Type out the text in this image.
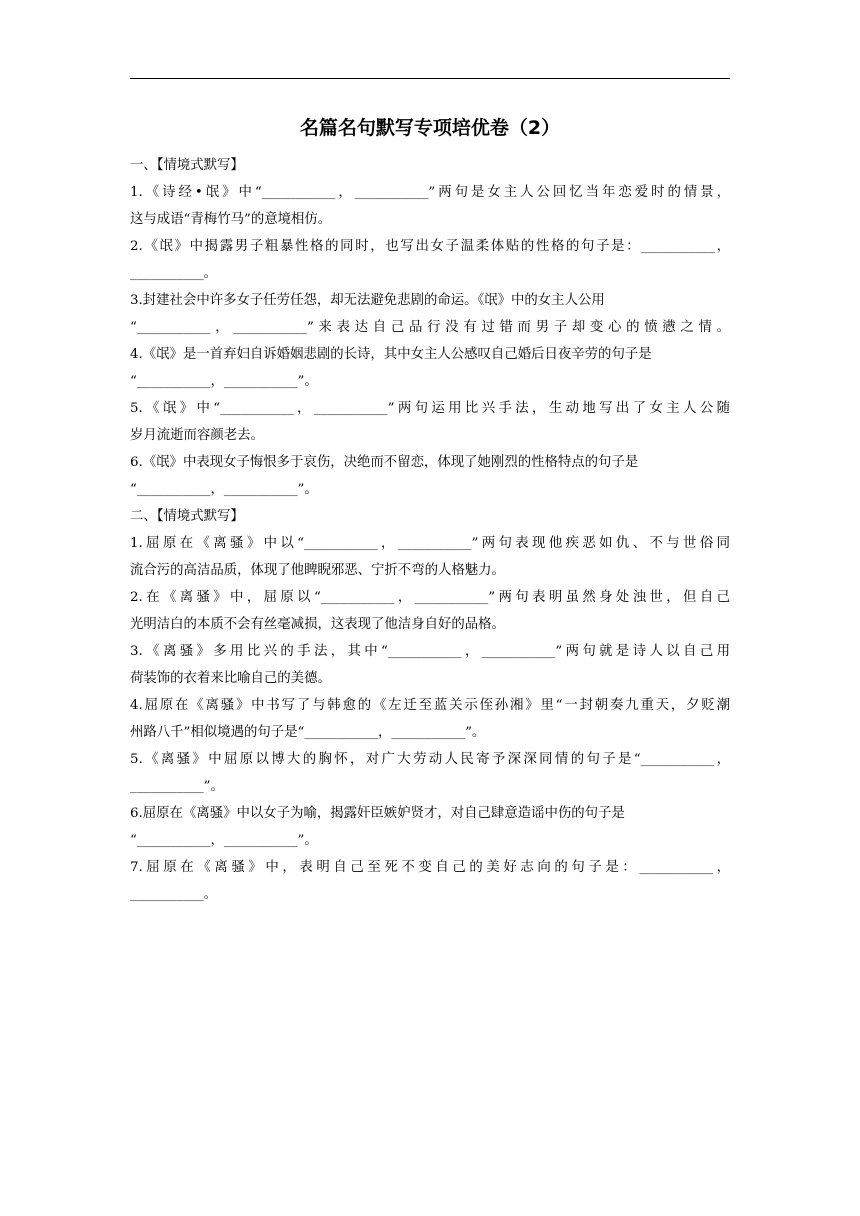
名篇名句默写专项培优卷（2）
一、【情境式默写】
1.《诗经•氓》中“___________，___________”两句是女主人公回忆当年恋爱时的情景，
这与成语“青梅竹马”的意境相仿。
2.《氓》中揭露男子粗暴性格的同时，也写出女子温柔体贴的性格的句子是：___________，
___________。
3.封建社会中许多女子任劳任怨，却无法避免悲剧的命运。《氓》中的女主人公用
“___________，___________”来表达自己品行没有过错而男子却变心的愤懑之情。
4.《氓》是一首弃妇自诉婚姻悲剧的长诗，其中女主人公感叹自己婚后日夜辛劳的句子是
“___________，___________”。
5.《氓》中“___________，___________”两句运用比兴手法，生动地写出了女主人公随
岁月流逝而容颜老去。
6.《氓》中表现女子悔恨多于哀伤，决绝而不留恋，体现了她刚烈的性格特点的句子是
“___________，___________”。
二、【情境式默写】
1.屈原在《离骚》中以“___________，___________”两句表现他疾恶如仇、不与世俗同
流合污的高洁品质，体现了他睥睨邪恶、宁折不弯的人格魅力。
2.在《离骚》中，屈原以“___________，___________”两句表明虽然身处浊世，但自己
光明洁白的本质不会有丝毫减损，这表现了他洁身自好的品格。
3.《离骚》多用比兴的手法，其中“___________，___________”两句就是诗人以自己用
荷装饰的衣着来比喻自己的美德。
4.屈原在《离骚》中书写了与韩愈的《左迁至蓝关示侄孙湘》里“一封朝奏九重天，夕贬潮
州路八千”相似境遇的句子是“___________，___________”。
5.《离骚》中屈原以博大的胸怀，对广大劳动人民寄予深深同情的句子是“___________，
___________”。
6.屈原在《离骚》中以女子为喻，揭露奸臣嫉妒贤才，对自己肆意造谣中伤的句子是
“___________，___________”。
7.屈原在《离骚》中，表明自己至死不变自己的美好志向的句子是：___________，
___________。
